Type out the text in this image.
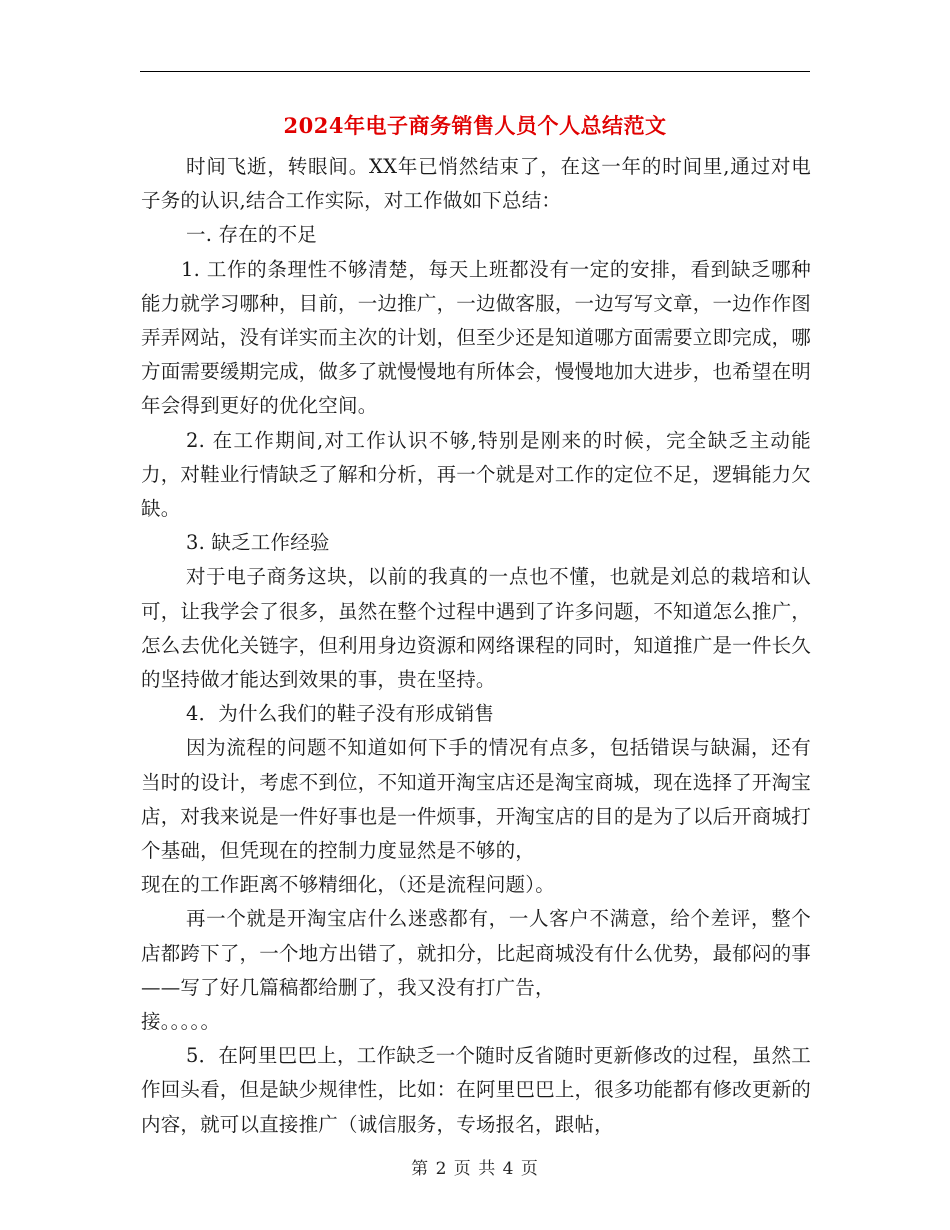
2024年电子商务销售人员个人总结范文

时间飞逝，转眼间。XX年已悄然结束了，在这一年的时间里,通过对电子务的认识,结合工作实际，对工作做如下总结：

一. 存在的不足

1. 工作的条理性不够清楚，每天上班都没有一定的安排，看到缺乏哪种能力就学习哪种，目前，一边推广，一边做客服，一边写写文章，一边作作图弄弄网站，没有详实而主次的计划，但至少还是知道哪方面需要立即完成，哪方面需要缓期完成，做多了就慢慢地有所体会，慢慢地加大进步，也希望在明年会得到更好的优化空间。

2. 在工作期间,对工作认识不够,特别是刚来的时候，完全缺乏主动能力，对鞋业行情缺乏了解和分析，再一个就是对工作的定位不足，逻辑能力欠缺。

3. 缺乏工作经验

对于电子商务这块，以前的我真的一点也不懂，也就是刘总的栽培和认可，让我学会了很多，虽然在整个过程中遇到了许多问题，不知道怎么推广，怎么去优化关链字，但利用身边资源和网络课程的同时，知道推广是一件长久的坚持做才能达到效果的事，贵在坚持。

4．为什么我们的鞋子没有形成销售

因为流程的问题不知道如何下手的情况有点多，包括错误与缺漏，还有当时的设计，考虑不到位，不知道开淘宝店还是淘宝商城，现在选择了开淘宝店，对我来说是一件好事也是一件烦事，开淘宝店的目的是为了以后开商城打个基础，但凭现在的控制力度显然是不够的，

现在的工作距离不够精细化，（还是流程问题）。

再一个就是开淘宝店什么迷惑都有，一人客户不满意，给个差评，整个店都跨下了，一个地方出错了，就扣分，比起商城没有什么优势，最郁闷的事——写了好几篇稿都给删了，我又没有打广告，

接。。。。。

5．在阿里巴巴上，工作缺乏一个随时反省随时更新修改的过程，虽然工作回头看，但是缺少规律性，比如：在阿里巴巴上，很多功能都有修改更新的内容，就可以直接推广（诚信服务，专场报名，跟帖，

第 2 页 共 4 页
